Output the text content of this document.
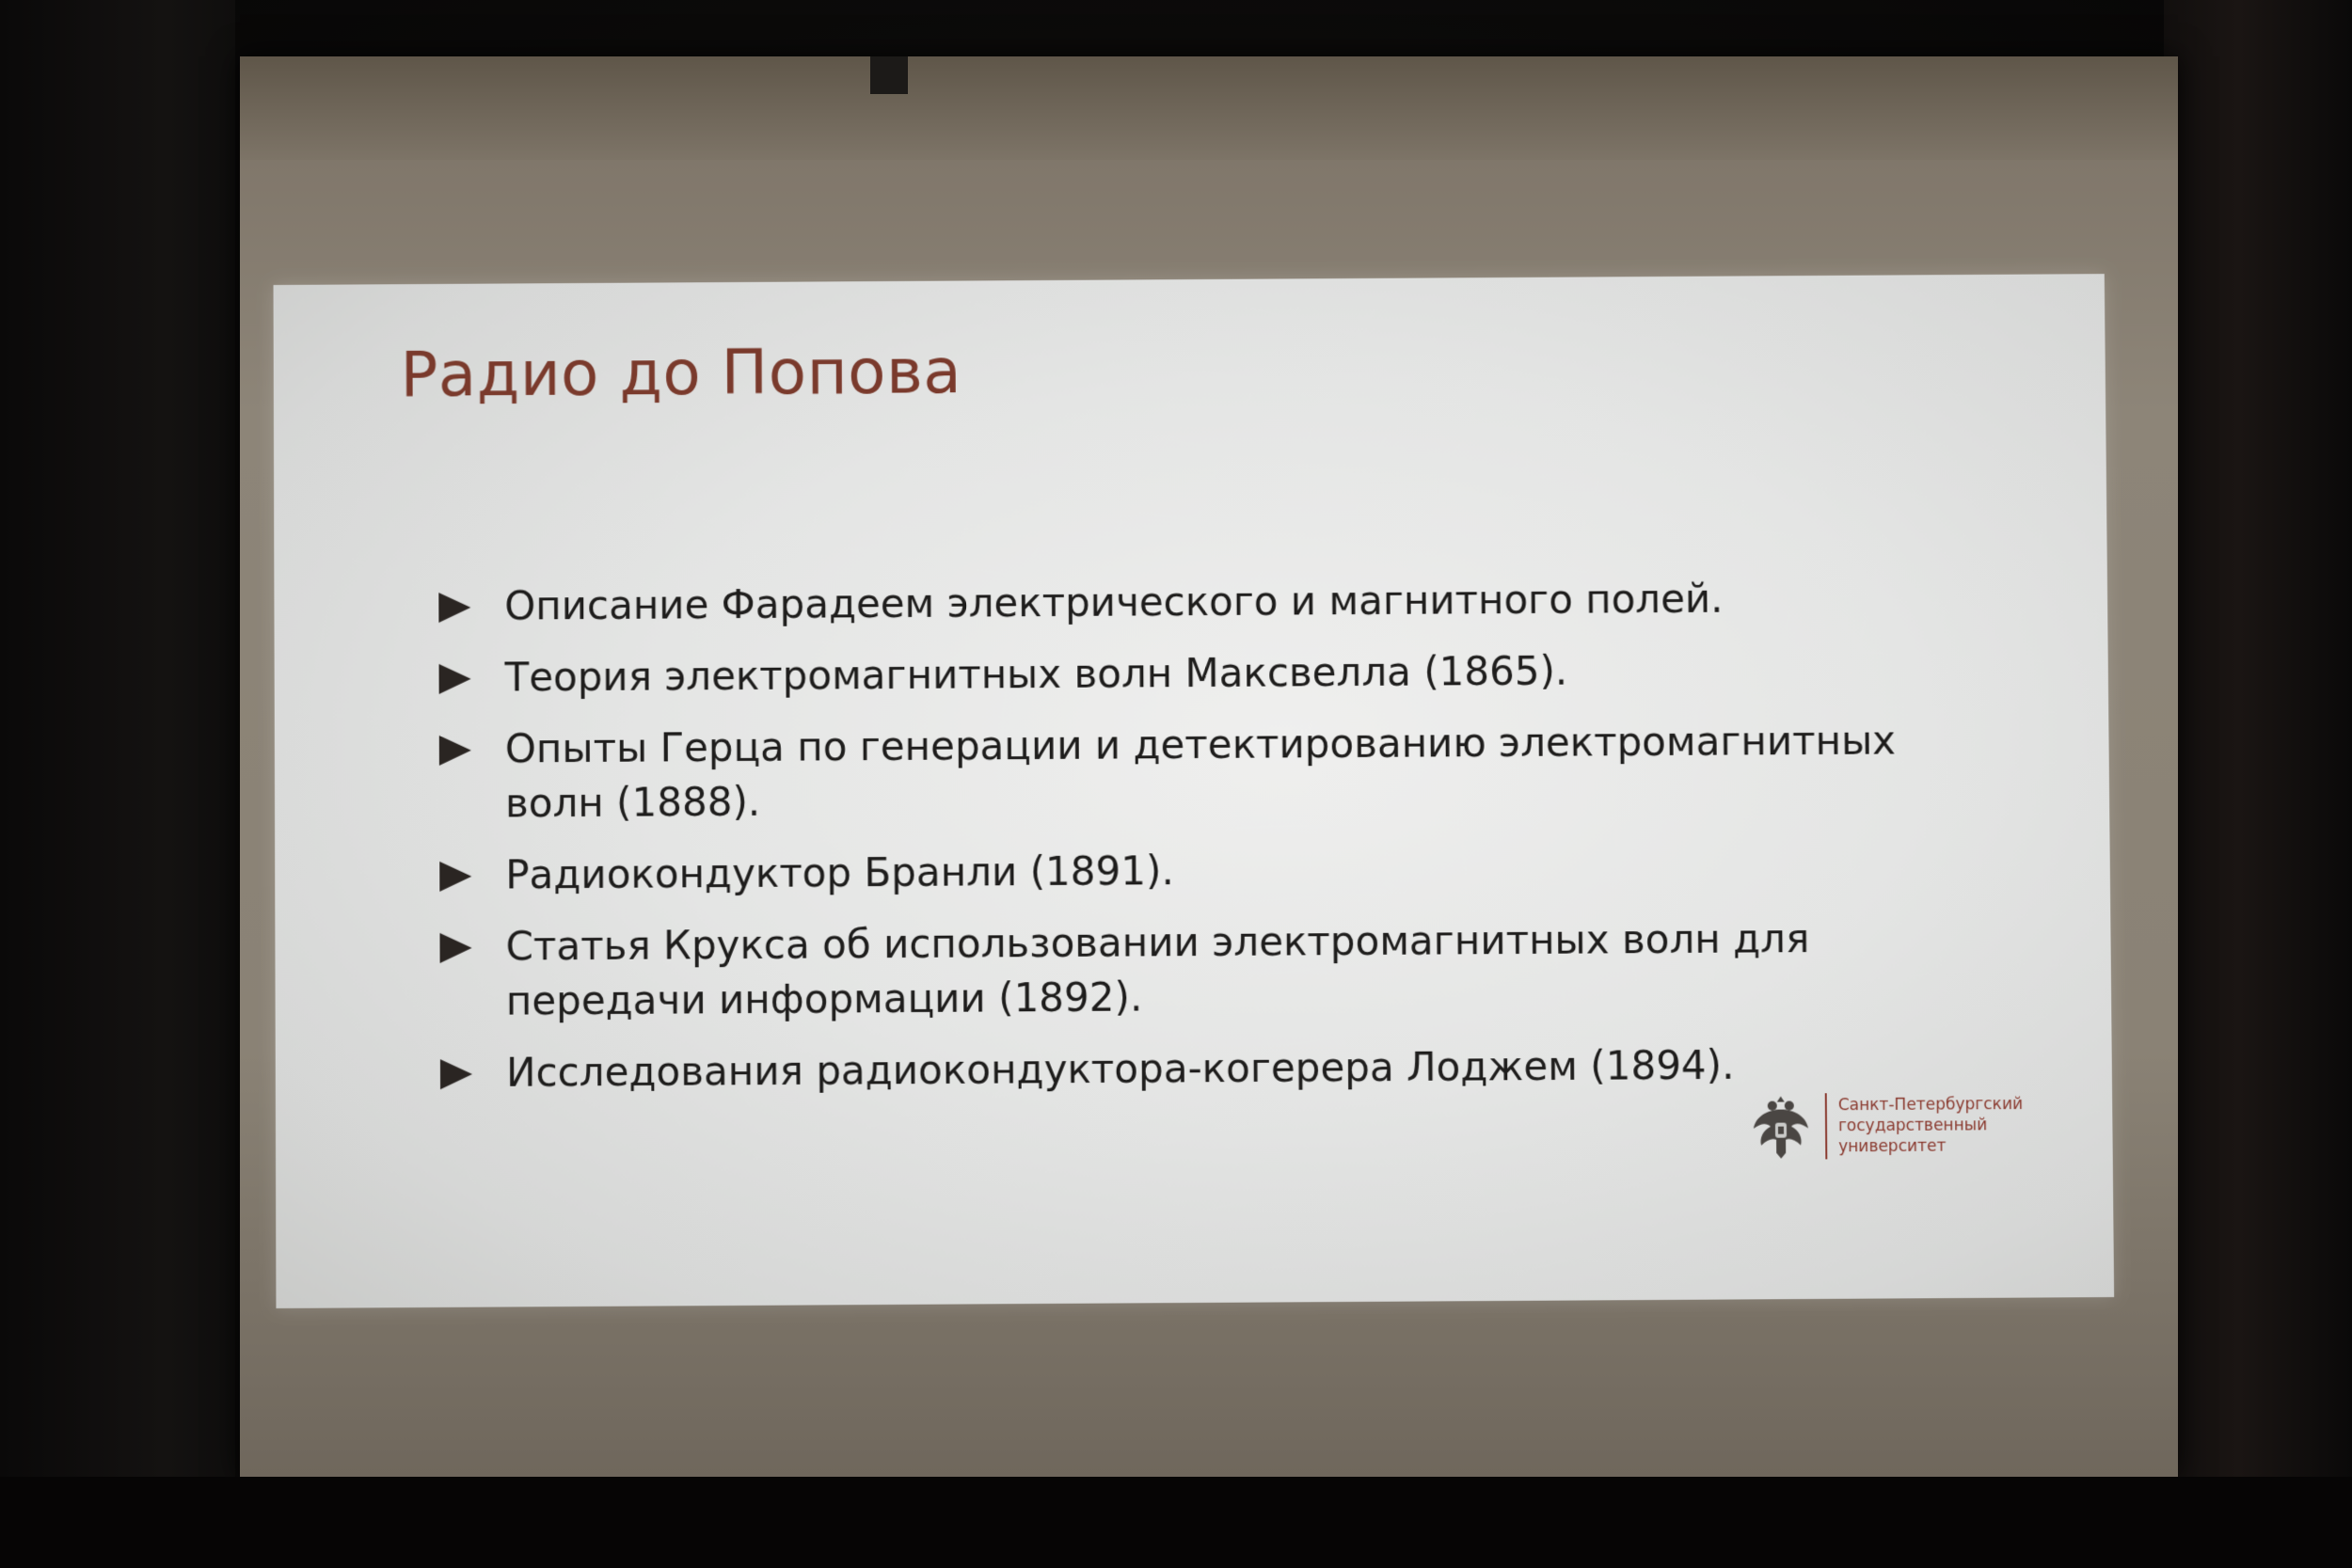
Радио до Попова
Описание Фарадеем электрического и магнитного полей.
Теория электромагнитных волн Максвелла (1865).
Опыты Герца по генерации и детектированию электромагнитных волн (1888).
Радиокондуктор Бранли (1891).
Статья Крукса об использовании электромагнитных волн для передачи информации (1892).
Исследования радиокондуктора-когерера Лоджем (1894).
Санкт-Петербургский
государственный
университет
